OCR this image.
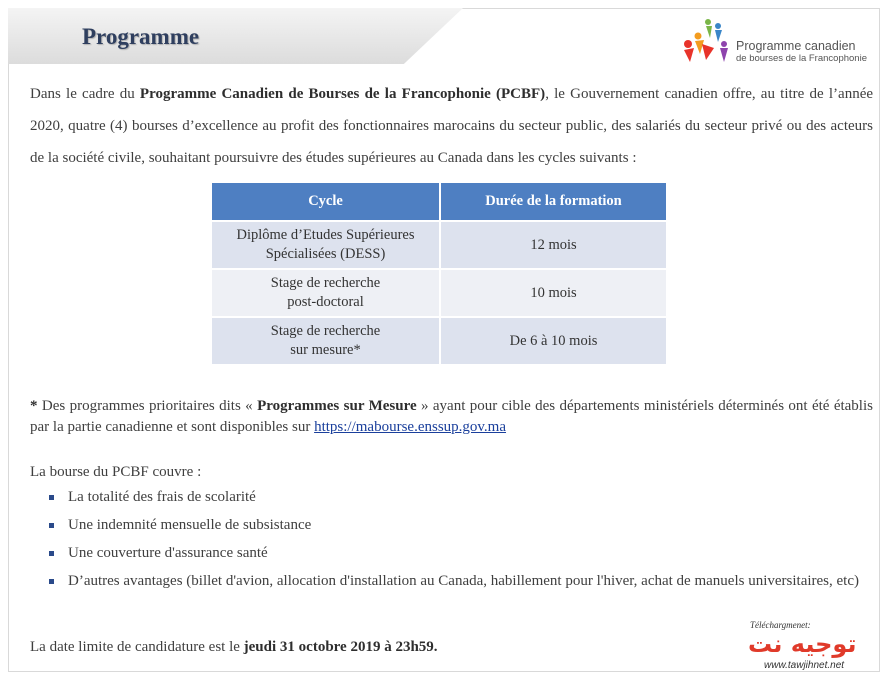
Programme	Programme canadien
de bourses de la Francophonie

Dans le cadre du Programme Canadien de Bourses de la Francophonie (PCBF), le Gouvernement canadien offre, au titre de l’année 2020, quatre (4) bourses d’excellence au profit des fonctionnaires marocains du secteur public, des salariés du secteur privé ou des acteurs de la société civile, souhaitant poursuivre des études supérieures au Canada dans les cycles suivants :

Cycle	Durée de la formation
Diplôme d’Etudes Supérieures
Spécialisées (DESS)	12 mois
Stage de recherche
post-doctoral	10 mois
Stage de recherche
sur mesure*	De 6 à 10 mois

* Des programmes prioritaires dits « Programmes sur Mesure » ayant pour cible des départements ministériels déterminés ont été établis par la partie canadienne et sont disponibles sur https://mabourse.enssup.gov.ma

La bourse du PCBF couvre :
La totalité des frais de scolarité
Une indemnité mensuelle de subsistance
Une couverture d'assurance santé
D’autres avantages (billet d'avion, allocation d'installation au Canada, habillement pour l'hiver, achat de manuels universitaires, etc)

La date limite de candidature est le jeudi 31 octobre 2019 à 23h59.

Téléchargmenet:
توجيه نت
www.tawjihnet.net
